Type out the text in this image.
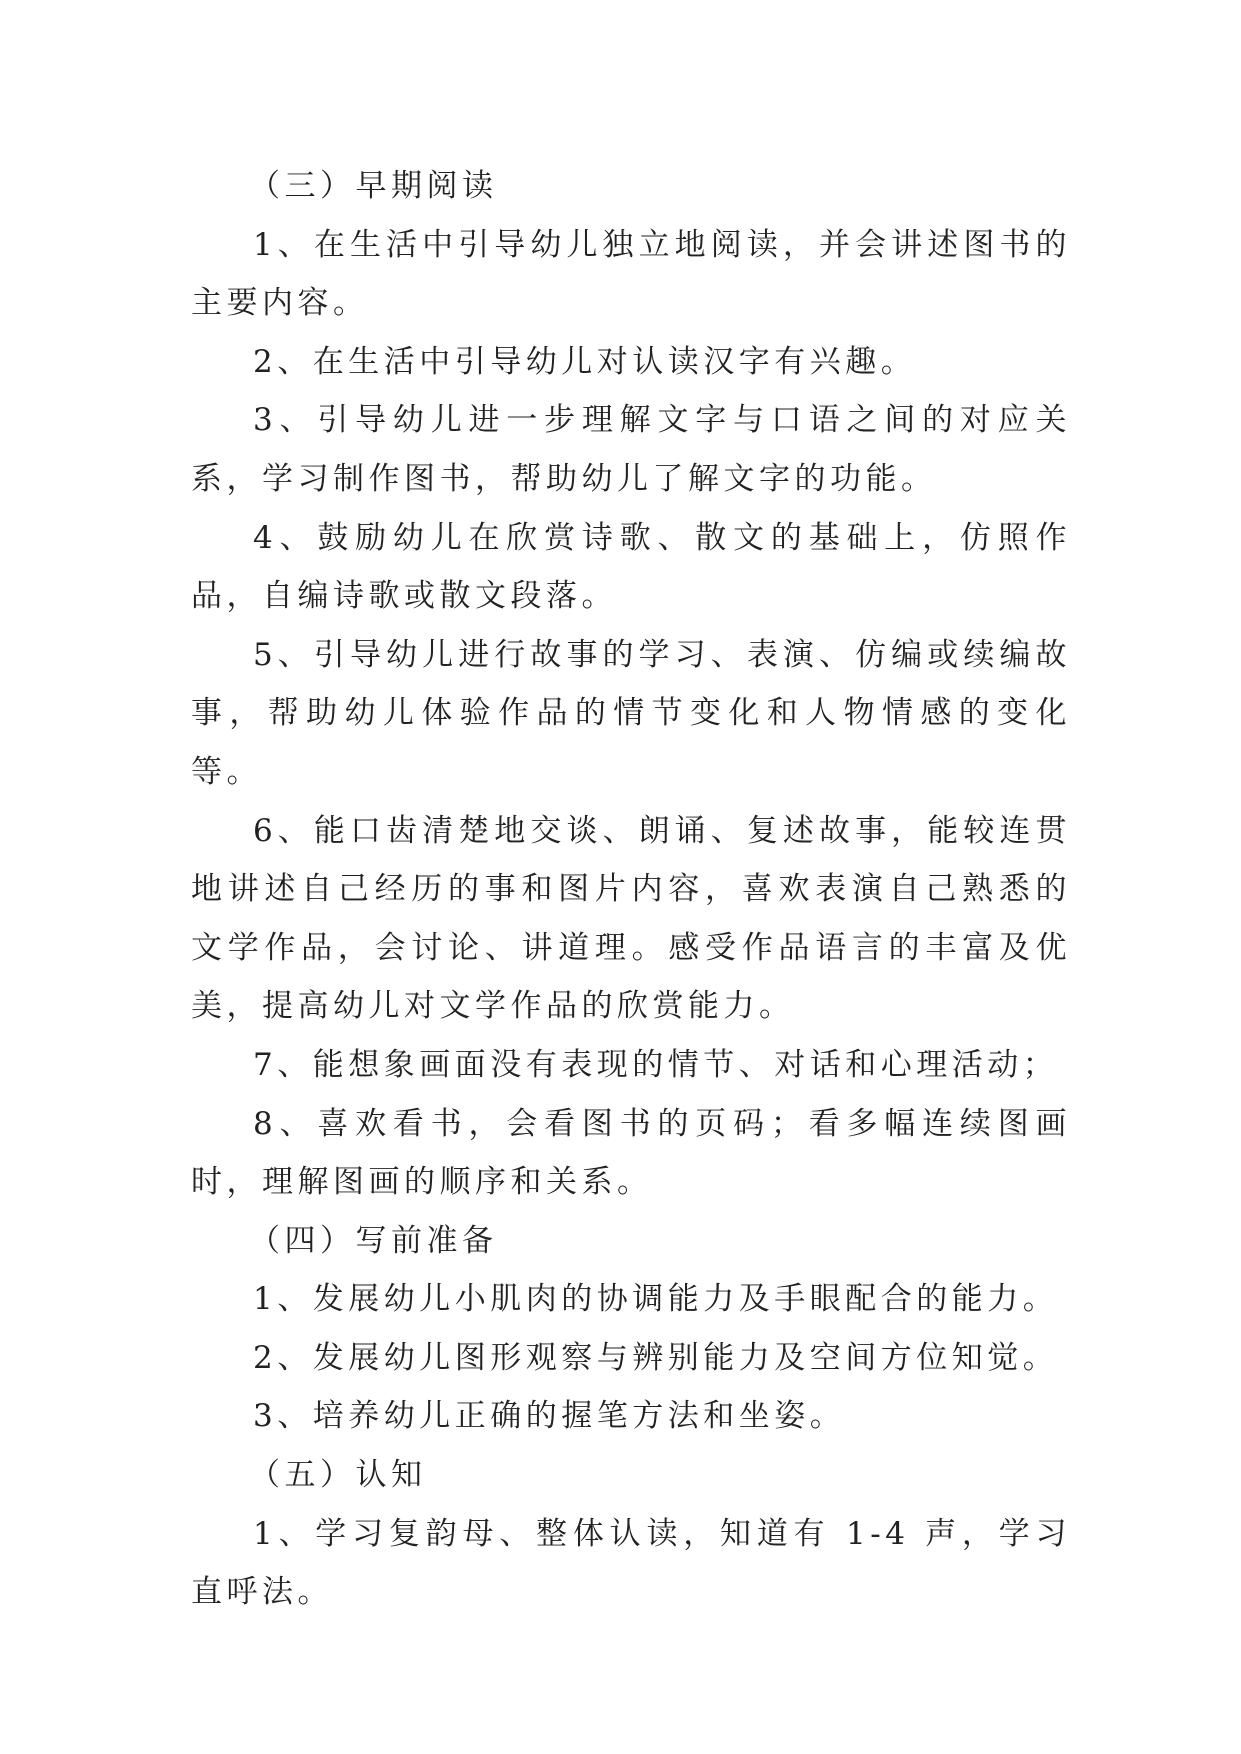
（三）早期阅读

1、在生活中引导幼儿独立地阅读，并会讲述图书的主要内容。

2、在生活中引导幼儿对认读汉字有兴趣。

3、引导幼儿进一步理解文字与口语之间的对应关系，学习制作图书，帮助幼儿了解文字的功能。

4、鼓励幼儿在欣赏诗歌、散文的基础上，仿照作品，自编诗歌或散文段落。

5、引导幼儿进行故事的学习、表演、仿编或续编故事，帮助幼儿体验作品的情节变化和人物情感的变化等。

6、能口齿清楚地交谈、朗诵、复述故事，能较连贯地讲述自己经历的事和图片内容，喜欢表演自己熟悉的文学作品，会讨论、讲道理。感受作品语言的丰富及优美，提高幼儿对文学作品的欣赏能力。

7、能想象画面没有表现的情节、对话和心理活动；

8、喜欢看书，会看图书的页码；看多幅连续图画时，理解图画的顺序和关系。

（四）写前准备

1、发展幼儿小肌肉的协调能力及手眼配合的能力。

2、发展幼儿图形观察与辨别能力及空间方位知觉。

3、培养幼儿正确的握笔方法和坐姿。

（五）认知

1、学习复韵母、整体认读，知道有 1-4 声，学习直呼法。
